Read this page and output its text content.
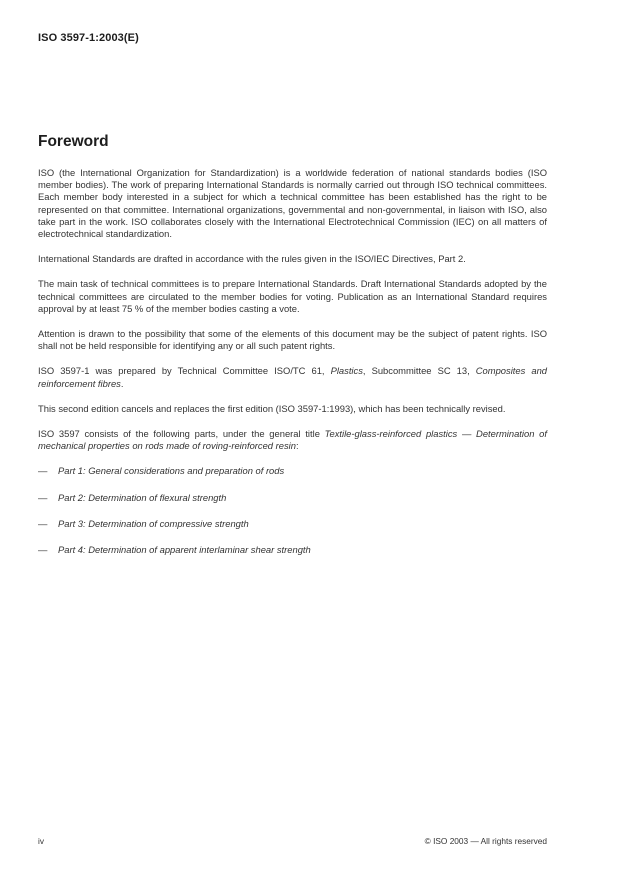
ISO 3597-1:2003(E)
Foreword
ISO (the International Organization for Standardization) is a worldwide federation of national standards bodies (ISO member bodies). The work of preparing International Standards is normally carried out through ISO technical committees. Each member body interested in a subject for which a technical committee has been established has the right to be represented on that committee. International organizations, governmental and non-governmental, in liaison with ISO, also take part in the work. ISO collaborates closely with the International Electrotechnical Commission (IEC) on all matters of electrotechnical standardization.
International Standards are drafted in accordance with the rules given in the ISO/IEC Directives, Part 2.
The main task of technical committees is to prepare International Standards. Draft International Standards adopted by the technical committees are circulated to the member bodies for voting. Publication as an International Standard requires approval by at least 75 % of the member bodies casting a vote.
Attention is drawn to the possibility that some of the elements of this document may be the subject of patent rights. ISO shall not be held responsible for identifying any or all such patent rights.
ISO 3597-1 was prepared by Technical Committee ISO/TC 61, Plastics, Subcommittee SC 13, Composites and reinforcement fibres.
This second edition cancels and replaces the first edition (ISO 3597-1:1993), which has been technically revised.
ISO 3597 consists of the following parts, under the general title Textile-glass-reinforced plastics — Determination of mechanical properties on rods made of roving-reinforced resin:
—	Part 1: General considerations and preparation of rods
—	Part 2: Determination of flexural strength
—	Part 3: Determination of compressive strength
—	Part 4: Determination of apparent interlaminar shear strength
iv	© ISO 2003 — All rights reserved
